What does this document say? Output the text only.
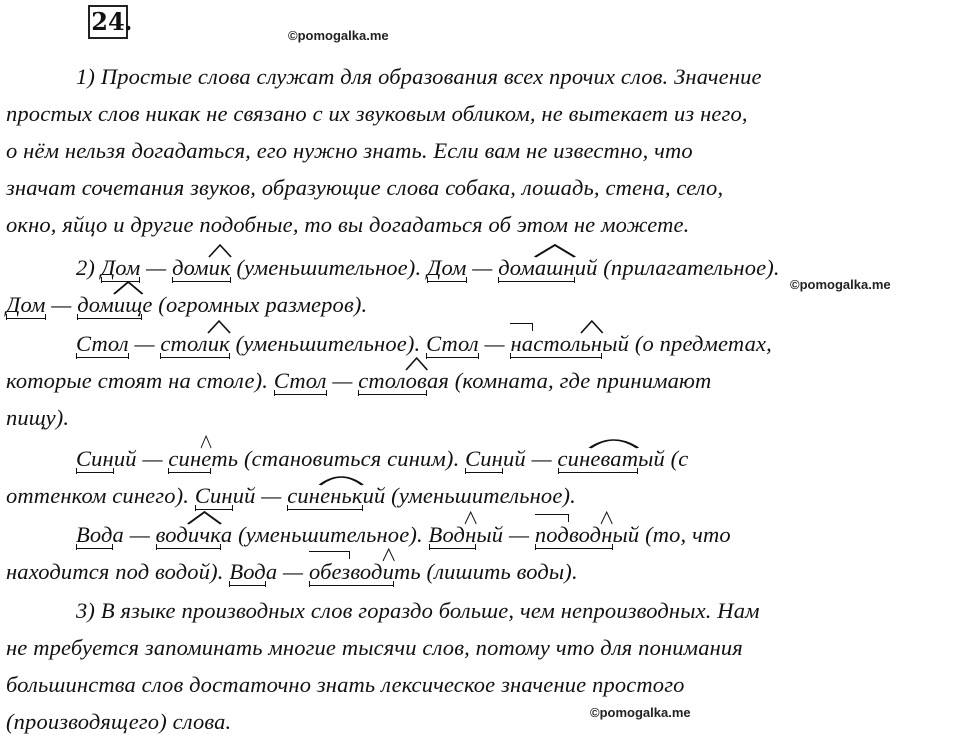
24 .	©pomogalka.me
©pomogalka.me
©pomogalka.me
1) Простые слова служат для образования всех прочих слов. Значение
простых слов никак не связано с их звуковым обликом, не вытекает из него,
о нём нельзя догадаться, его нужно знать. Если вам не известно, что
значат сочетания звуков, образующие слова собака, лошадь, стена, село,
окно, яйцо и другие подобные, то вы догадаться об этом не можете.
2) Дом — домик
(уменьшительное). Дом — домашн
ий (прилагательное).
Дом — домищ
е (огромных размеров).
Стол — столик
(уменьшительное). Стол — настольн
ый (о предметах,
которые стоят на столе). Стол — столов
ая (комната, где принимают
пищу).
Синий — сине
ть (становиться синим). Синий — синеват
ый (с
оттенком синего). Синий — синеньк
ий (уменьшительное).
Вода — водичк
а (уменьшительное). Водн
ый — подводн
ый (то, что
находится под водой). Вода — обезводи
ть (лишить воды).
3) В языке производных слов гораздо больше, чем непроизводных. Нам
не требуется запоминать многие тысячи слов, потому что для понимания
большинства слов достаточно знать лексическое значение простого
(производящего) слова.
